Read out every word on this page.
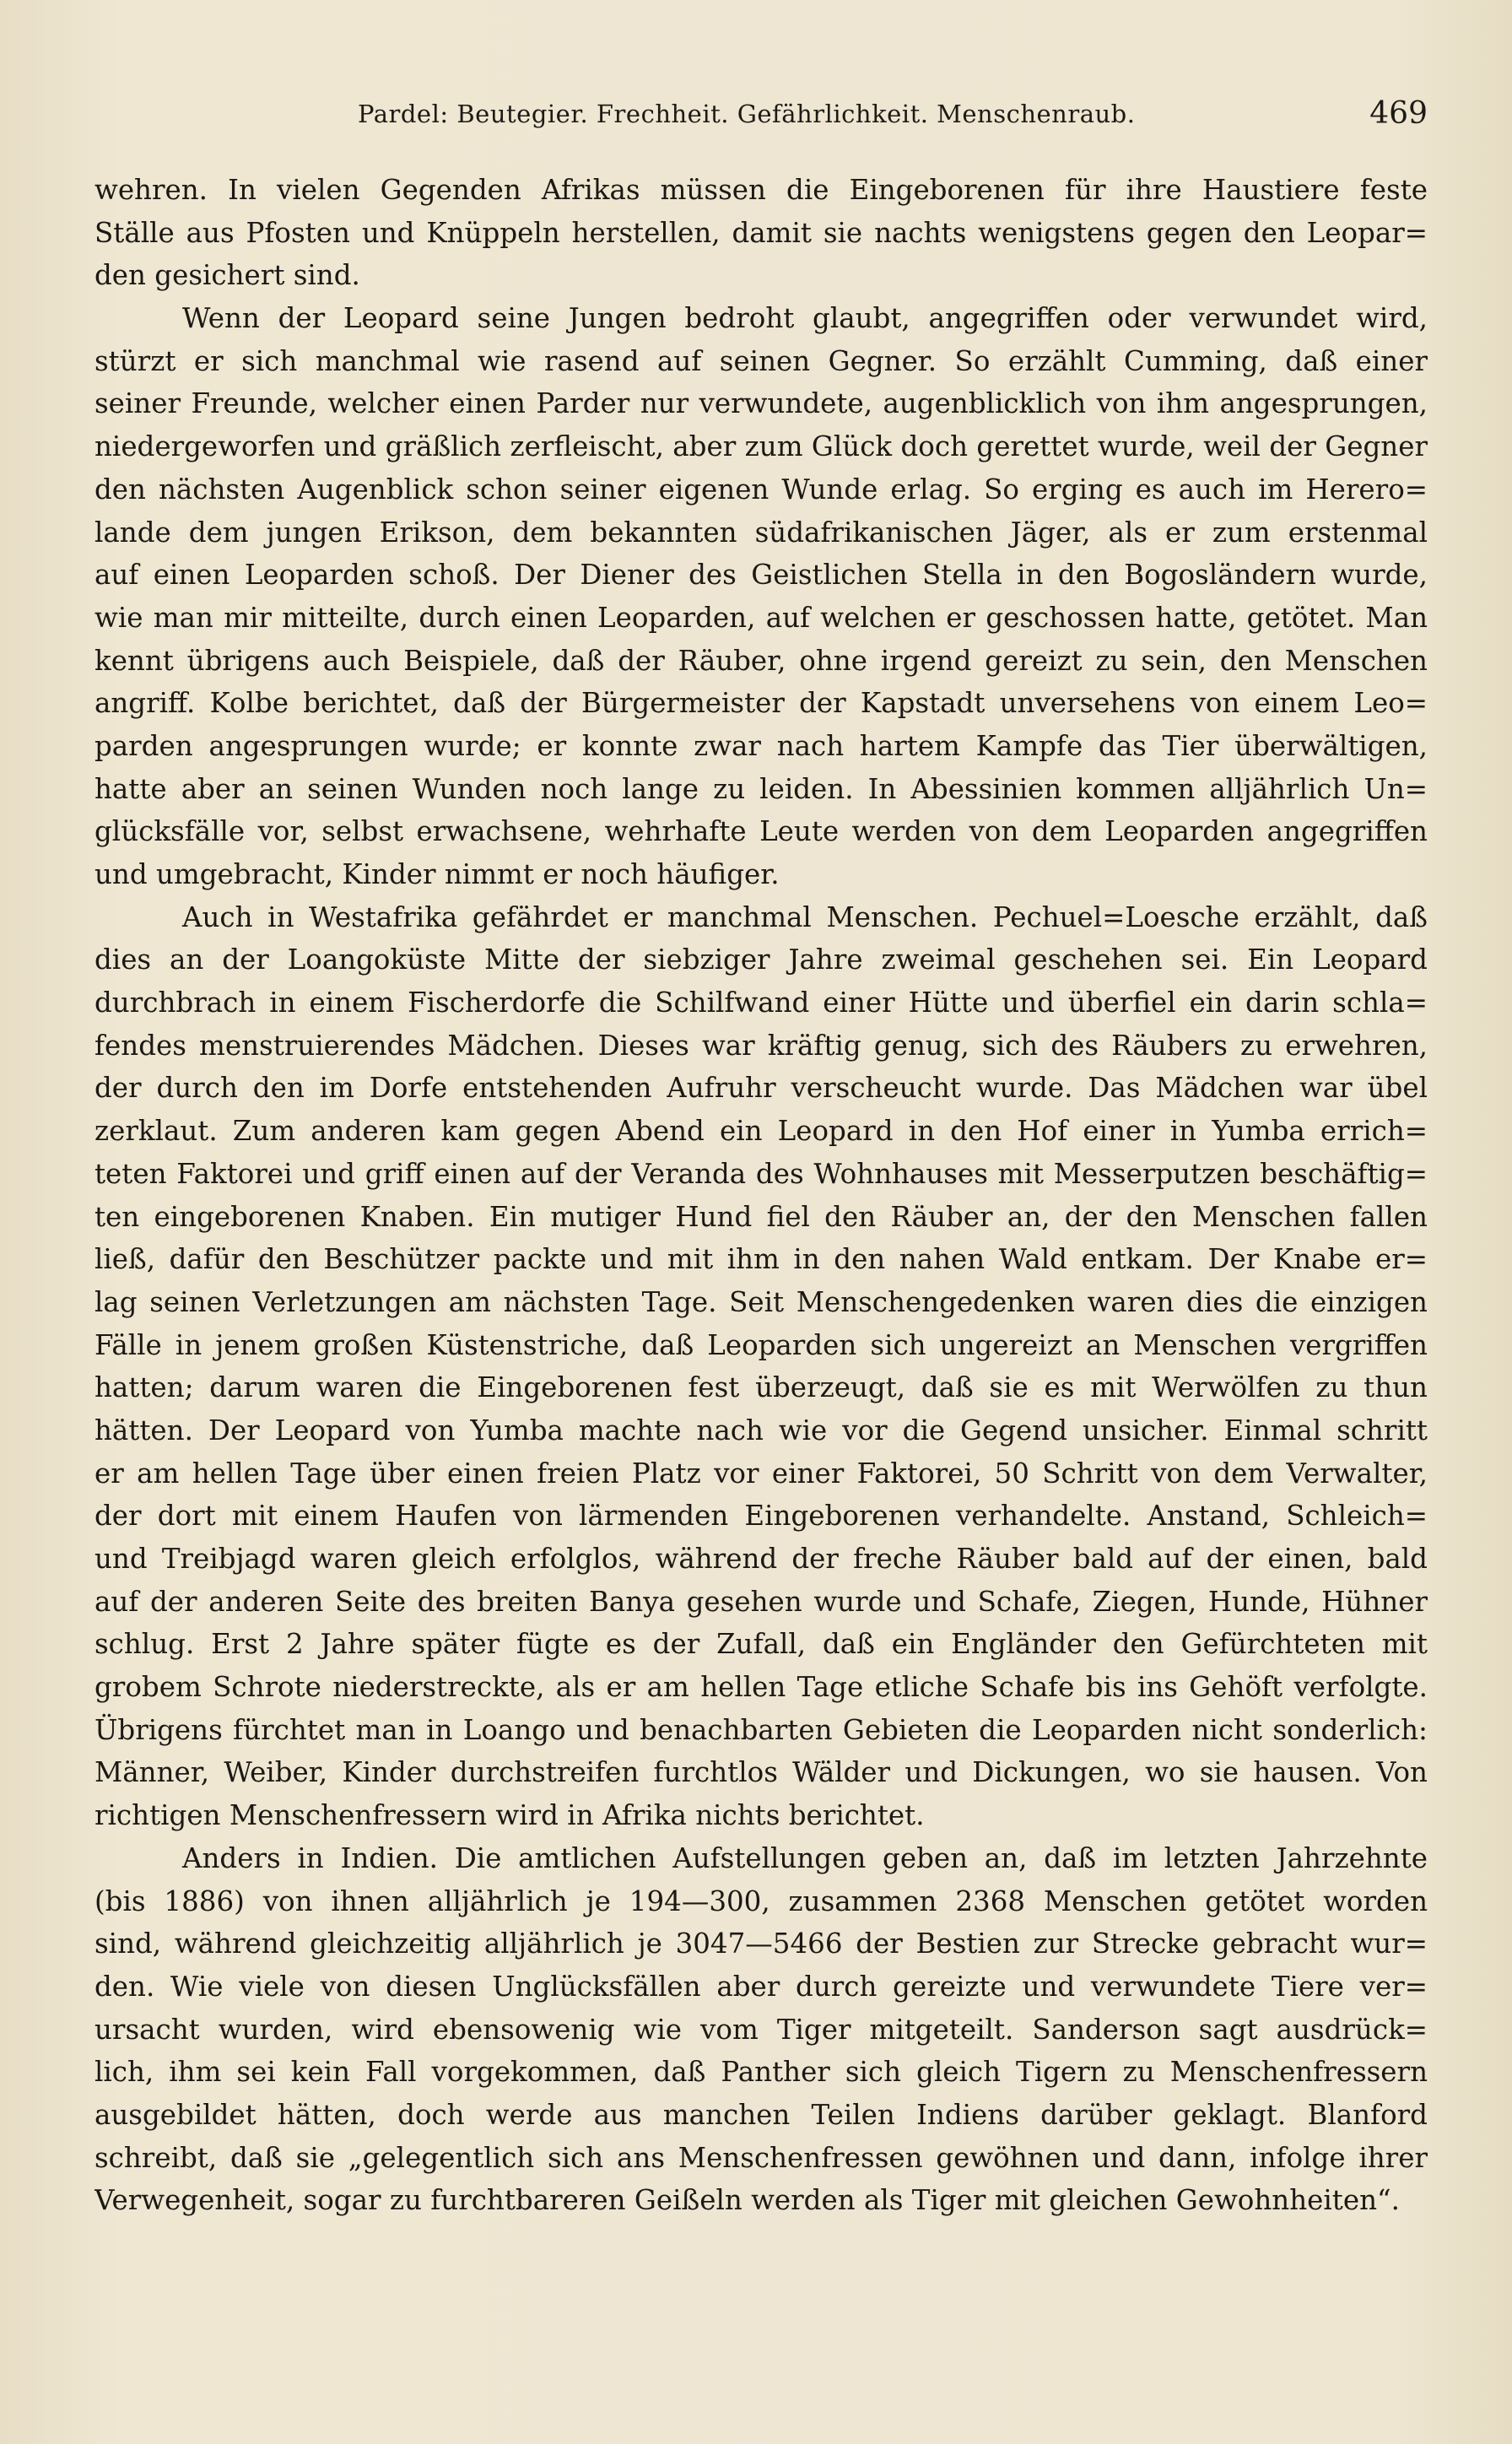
Pardel: Beutegier. Frechheit. Gefährlichkeit. Menschenraub.	469
wehren. In vielen Gegenden Afrikas müssen die Eingeborenen für ihre Haustiere feste
Ställe aus Pfosten und Knüppeln herstellen, damit sie nachts wenigstens gegen den Leopar=
den gesichert sind.
Wenn der Leopard seine Jungen bedroht glaubt, angegriffen oder verwundet wird,
stürzt er sich manchmal wie rasend auf seinen Gegner. So erzählt Cumming, daß einer
seiner Freunde, welcher einen Parder nur verwundete, augenblicklich von ihm angesprungen,
niedergeworfen und gräßlich zerfleischt, aber zum Glück doch gerettet wurde, weil der Gegner
den nächsten Augenblick schon seiner eigenen Wunde erlag. So erging es auch im Herero=
lande dem jungen Erikson, dem bekannten südafrikanischen Jäger, als er zum erstenmal
auf einen Leoparden schoß. Der Diener des Geistlichen Stella in den Bogosländern wurde,
wie man mir mitteilte, durch einen Leoparden, auf welchen er geschossen hatte, getötet. Man
kennt übrigens auch Beispiele, daß der Räuber, ohne irgend gereizt zu sein, den Menschen
angriff. Kolbe berichtet, daß der Bürgermeister der Kapstadt unversehens von einem Leo=
parden angesprungen wurde; er konnte zwar nach hartem Kampfe das Tier überwältigen,
hatte aber an seinen Wunden noch lange zu leiden. In Abessinien kommen alljährlich Un=
glücksfälle vor, selbst erwachsene, wehrhafte Leute werden von dem Leoparden angegriffen
und umgebracht, Kinder nimmt er noch häufiger.
Auch in Westafrika gefährdet er manchmal Menschen. Pechuel=Loesche erzählt, daß
dies an der Loangoküste Mitte der siebziger Jahre zweimal geschehen sei. Ein Leopard
durchbrach in einem Fischerdorfe die Schilfwand einer Hütte und überfiel ein darin schla=
fendes menstruierendes Mädchen. Dieses war kräftig genug, sich des Räubers zu erwehren,
der durch den im Dorfe entstehenden Aufruhr verscheucht wurde. Das Mädchen war übel
zerklaut. Zum anderen kam gegen Abend ein Leopard in den Hof einer in Yumba errich=
teten Faktorei und griff einen auf der Veranda des Wohnhauses mit Messerputzen beschäftig=
ten eingeborenen Knaben. Ein mutiger Hund fiel den Räuber an, der den Menschen fallen
ließ, dafür den Beschützer packte und mit ihm in den nahen Wald entkam. Der Knabe er=
lag seinen Verletzungen am nächsten Tage. Seit Menschengedenken waren dies die einzigen
Fälle in jenem großen Küstenstriche, daß Leoparden sich ungereizt an Menschen vergriffen
hatten; darum waren die Eingeborenen fest überzeugt, daß sie es mit Werwölfen zu thun
hätten. Der Leopard von Yumba machte nach wie vor die Gegend unsicher. Einmal schritt
er am hellen Tage über einen freien Platz vor einer Faktorei, 50 Schritt von dem Verwalter,
der dort mit einem Haufen von lärmenden Eingeborenen verhandelte. Anstand, Schleich=
und Treibjagd waren gleich erfolglos, während der freche Räuber bald auf der einen, bald
auf der anderen Seite des breiten Banya gesehen wurde und Schafe, Ziegen, Hunde, Hühner
schlug. Erst 2 Jahre später fügte es der Zufall, daß ein Engländer den Gefürchteten mit
grobem Schrote niederstreckte, als er am hellen Tage etliche Schafe bis ins Gehöft verfolgte.
Übrigens fürchtet man in Loango und benachbarten Gebieten die Leoparden nicht sonderlich:
Männer, Weiber, Kinder durchstreifen furchtlos Wälder und Dickungen, wo sie hausen. Von
richtigen Menschenfressern wird in Afrika nichts berichtet.
Anders in Indien. Die amtlichen Aufstellungen geben an, daß im letzten Jahrzehnte
(bis 1886) von ihnen alljährlich je 194—300, zusammen 2368 Menschen getötet worden
sind, während gleichzeitig alljährlich je 3047—5466 der Bestien zur Strecke gebracht wur=
den. Wie viele von diesen Unglücksfällen aber durch gereizte und verwundete Tiere ver=
ursacht wurden, wird ebensowenig wie vom Tiger mitgeteilt. Sanderson sagt ausdrück=
lich, ihm sei kein Fall vorgekommen, daß Panther sich gleich Tigern zu Menschenfressern
ausgebildet hätten, doch werde aus manchen Teilen Indiens darüber geklagt. Blanford
schreibt, daß sie „gelegentlich sich ans Menschenfressen gewöhnen und dann, infolge ihrer
Verwegenheit, sogar zu furchtbareren Geißeln werden als Tiger mit gleichen Gewohnheiten“.
